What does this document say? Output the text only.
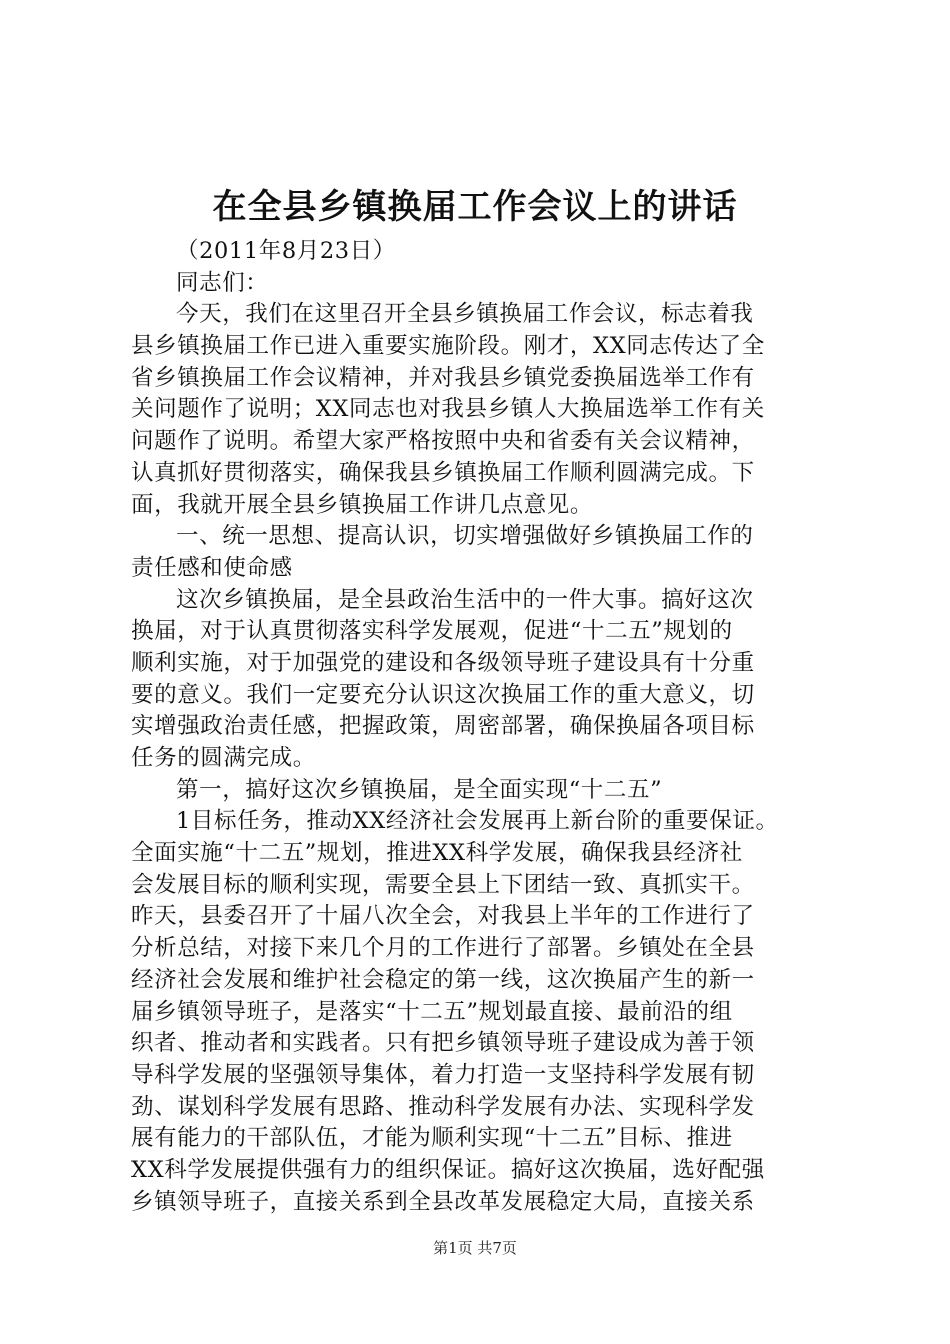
在全县乡镇换届工作会议上的讲话
（2011年8月23日）
同志们：
今天，我们在这里召开全县乡镇换届工作会议，标志着我
县乡镇换届工作已进入重要实施阶段。刚才，XX同志传达了全
省乡镇换届工作会议精神，并对我县乡镇党委换届选举工作有
关问题作了说明；XX同志也对我县乡镇人大换届选举工作有关
问题作了说明。希望大家严格按照中央和省委有关会议精神，
认真抓好贯彻落实，确保我县乡镇换届工作顺利圆满完成。下
面，我就开展全县乡镇换届工作讲几点意见。
一、统一思想、提高认识，切实增强做好乡镇换届工作的
责任感和使命感
这次乡镇换届，是全县政治生活中的一件大事。搞好这次
换届，对于认真贯彻落实科学发展观，促进“十二五”规划的
顺利实施，对于加强党的建设和各级领导班子建设具有十分重
要的意义。我们一定要充分认识这次换届工作的重大意义，切
实增强政治责任感，把握政策，周密部署，确保换届各项目标
任务的圆满完成。
第一，搞好这次乡镇换届，是全面实现“十二五”
1目标任务，推动XX经济社会发展再上新台阶的重要保证。
全面实施“十二五”规划，推进XX科学发展，确保我县经济社
会发展目标的顺利实现，需要全县上下团结一致、真抓实干。
昨天，县委召开了十届八次全会，对我县上半年的工作进行了
分析总结，对接下来几个月的工作进行了部署。乡镇处在全县
经济社会发展和维护社会稳定的第一线，这次换届产生的新一
届乡镇领导班子，是落实“十二五”规划最直接、最前沿的组
织者、推动者和实践者。只有把乡镇领导班子建设成为善于领
导科学发展的坚强领导集体，着力打造一支坚持科学发展有韧
劲、谋划科学发展有思路、推动科学发展有办法、实现科学发
展有能力的干部队伍，才能为顺利实现“十二五”目标、推进
XX科学发展提供强有力的组织保证。搞好这次换届，选好配强
乡镇领导班子，直接关系到全县改革发展稳定大局，直接关系
第1页 共7页
